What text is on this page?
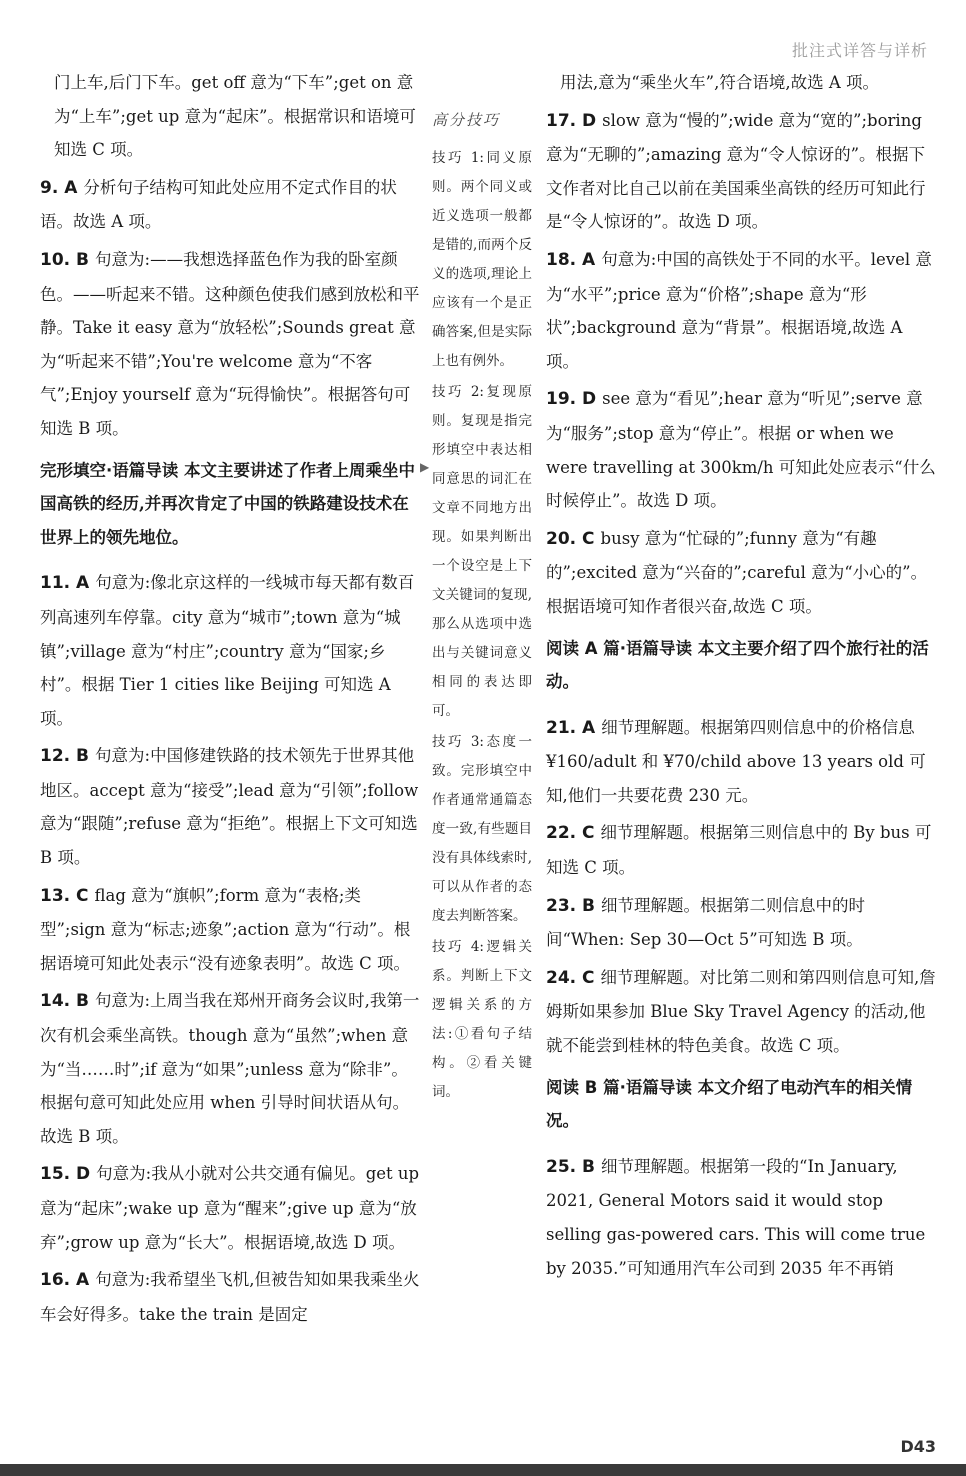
批注式详答与详析
门上车,后门下车。get off 意为“下车”;get on 意为“上车”;get up 意为“起床”。根据常识和语境可知选 C 项。
9. A 分析句子结构可知此处应用不定式作目的状语。故选 A 项。
10. B 句意为:——我想选择蓝色作为我的卧室颜色。——听起来不错。这种颜色使我们感到放松和平静。Take it easy 意为“放轻松”;Sounds great 意为“听起来不错”;You're welcome 意为“不客气”;Enjoy yourself 意为“玩得愉快”。根据答句可知选 B 项。
完形填空·语篇导读 本文主要讲述了作者上周乘坐中国高铁的经历,并再次肯定了中国的铁路建设技术在世界上的领先地位。
11. A 句意为:像北京这样的一线城市每天都有数百列高速列车停靠。city 意为“城市”;town 意为“城镇”;village 意为“村庄”;country 意为“国家;乡村”。根据 Tier 1 cities like Beijing 可知选 A 项。
12. B 句意为:中国修建铁路的技术领先于世界其他地区。accept 意为“接受”;lead 意为“引领”;follow 意为“跟随”;refuse 意为“拒绝”。根据上下文可知选 B 项。
13. C flag 意为“旗帜”;form 意为“表格;类型”;sign 意为“标志;迹象”;action 意为“行动”。根据语境可知此处表示“没有迹象表明”。故选 C 项。
14. B 句意为:上周当我在郑州开商务会议时,我第一次有机会乘坐高铁。though 意为“虽然”;when 意为“当……时”;if 意为“如果”;unless 意为“除非”。根据句意可知此处应用 when 引导时间状语从句。故选 B 项。
15. D 句意为:我从小就对公共交通有偏见。get up 意为“起床”;wake up 意为“醒来”;give up 意为“放弃”;grow up 意为“长大”。根据语境,故选 D 项。
16. A 句意为:我希望坐飞机,但被告知如果我乘坐火车会好得多。take the train 是固定
高分技巧
技巧 1:同义原则。两个同义或近义选项一般都是错的,而两个反义的选项,理论上应该有一个是正确答案,但是实际上也有例外。
技巧 2:复现原则。复现是指完形填空中表达相同意思的词汇在文章不同地方出现。如果判断出一个设空是上下文关键词的复现,那么从选项中选出与关键词意义相同的表达即可。
技巧 3:态度一致。完形填空中作者通常通篇态度一致,有些题目没有具体线索时,可以从作者的态度去判断答案。
技巧 4:逻辑关系。判断上下文逻辑关系的方法:①看句子结构。②看关键词。
▶
用法,意为“乘坐火车”,符合语境,故选 A 项。
17. D slow 意为“慢的”;wide 意为“宽的”;boring 意为“无聊的”;amazing 意为“令人惊讶的”。根据下文作者对比自己以前在美国乘坐高铁的经历可知此行是“令人惊讶的”。故选 D 项。
18. A 句意为:中国的高铁处于不同的水平。level 意为“水平”;price 意为“价格”;shape 意为“形状”;background 意为“背景”。根据语境,故选 A 项。
19. D see 意为“看见”;hear 意为“听见”;serve 意为“服务”;stop 意为“停止”。根据 or when we were travelling at 300km/h 可知此处应表示“什么时候停止”。故选 D 项。
20. C busy 意为“忙碌的”;funny 意为“有趣的”;excited 意为“兴奋的”;careful 意为“小心的”。根据语境可知作者很兴奋,故选 C 项。
阅读 A 篇·语篇导读 本文主要介绍了四个旅行社的活动。
21. A 细节理解题。根据第四则信息中的价格信息 ¥160/adult 和 ¥70/child above 13 years old 可知,他们一共要花费 230 元。
22. C 细节理解题。根据第三则信息中的 By bus 可知选 C 项。
23. B 细节理解题。根据第二则信息中的时间“When: Sep 30—Oct 5”可知选 B 项。
24. C 细节理解题。对比第二则和第四则信息可知,詹姆斯如果参加 Blue Sky Travel Agency 的活动,他就不能尝到桂林的特色美食。故选 C 项。
阅读 B 篇·语篇导读 本文介绍了电动汽车的相关情况。
25. B 细节理解题。根据第一段的“In January, 2021, General Motors said it would stop selling gas-powered cars. This will come true by 2035.”可知通用汽车公司到 2035 年不再销
D43
